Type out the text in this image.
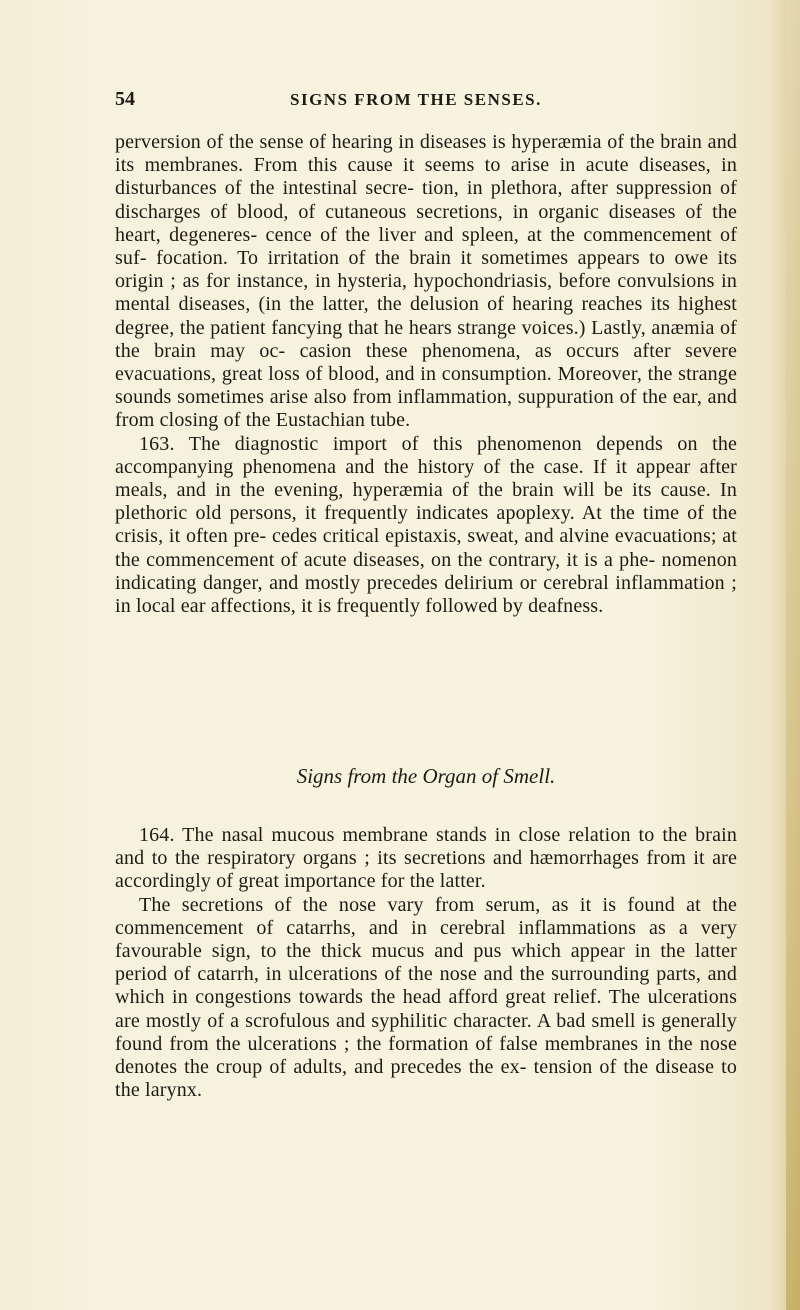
54	SIGNS FROM THE SENSES.

perversion of the sense of hearing in diseases is hyperæmia of the brain and its membranes. From this cause it seems to arise in acute diseases, in disturbances of the intestinal secre- tion, in plethora, after suppression of discharges of blood, of cutaneous secretions, in organic diseases of the heart, degeneres- cence of the liver and spleen, at the commencement of suf- focation. To irritation of the brain it sometimes appears to owe its origin ; as for instance, in hysteria, hypochondriasis, before convulsions in mental diseases, (in the latter, the delusion of hearing reaches its highest degree, the patient fancying that he hears strange voices.) Lastly, anæmia of the brain may oc- casion these phenomena, as occurs after severe evacuations, great loss of blood, and in consumption. Moreover, the strange sounds sometimes arise also from inflammation, suppuration of the ear, and from closing of the Eustachian tube.

163. The diagnostic import of this phenomenon depends on the accompanying phenomena and the history of the case. If it appear after meals, and in the evening, hyperæmia of the brain will be its cause. In plethoric old persons, it frequently indicates apoplexy. At the time of the crisis, it often pre- cedes critical epistaxis, sweat, and alvine evacuations; at the commencement of acute diseases, on the contrary, it is a phe- nomenon indicating danger, and mostly precedes delirium or cerebral inflammation ; in local ear affections, it is frequently followed by deafness.

Signs from the Organ of Smell.

164. The nasal mucous membrane stands in close relation to the brain and to the respiratory organs ; its secretions and hæmorrhages from it are accordingly of great importance for the latter.

The secretions of the nose vary from serum, as it is found at the commencement of catarrhs, and in cerebral inflammations as a very favourable sign, to the thick mucus and pus which appear in the latter period of catarrh, in ulcerations of the nose and the surrounding parts, and which in congestions towards the head afford great relief. The ulcerations are mostly of a scrofulous and syphilitic character. A bad smell is generally found from the ulcerations ; the formation of false membranes in the nose denotes the croup of adults, and precedes the ex- tension of the disease to the larynx.
